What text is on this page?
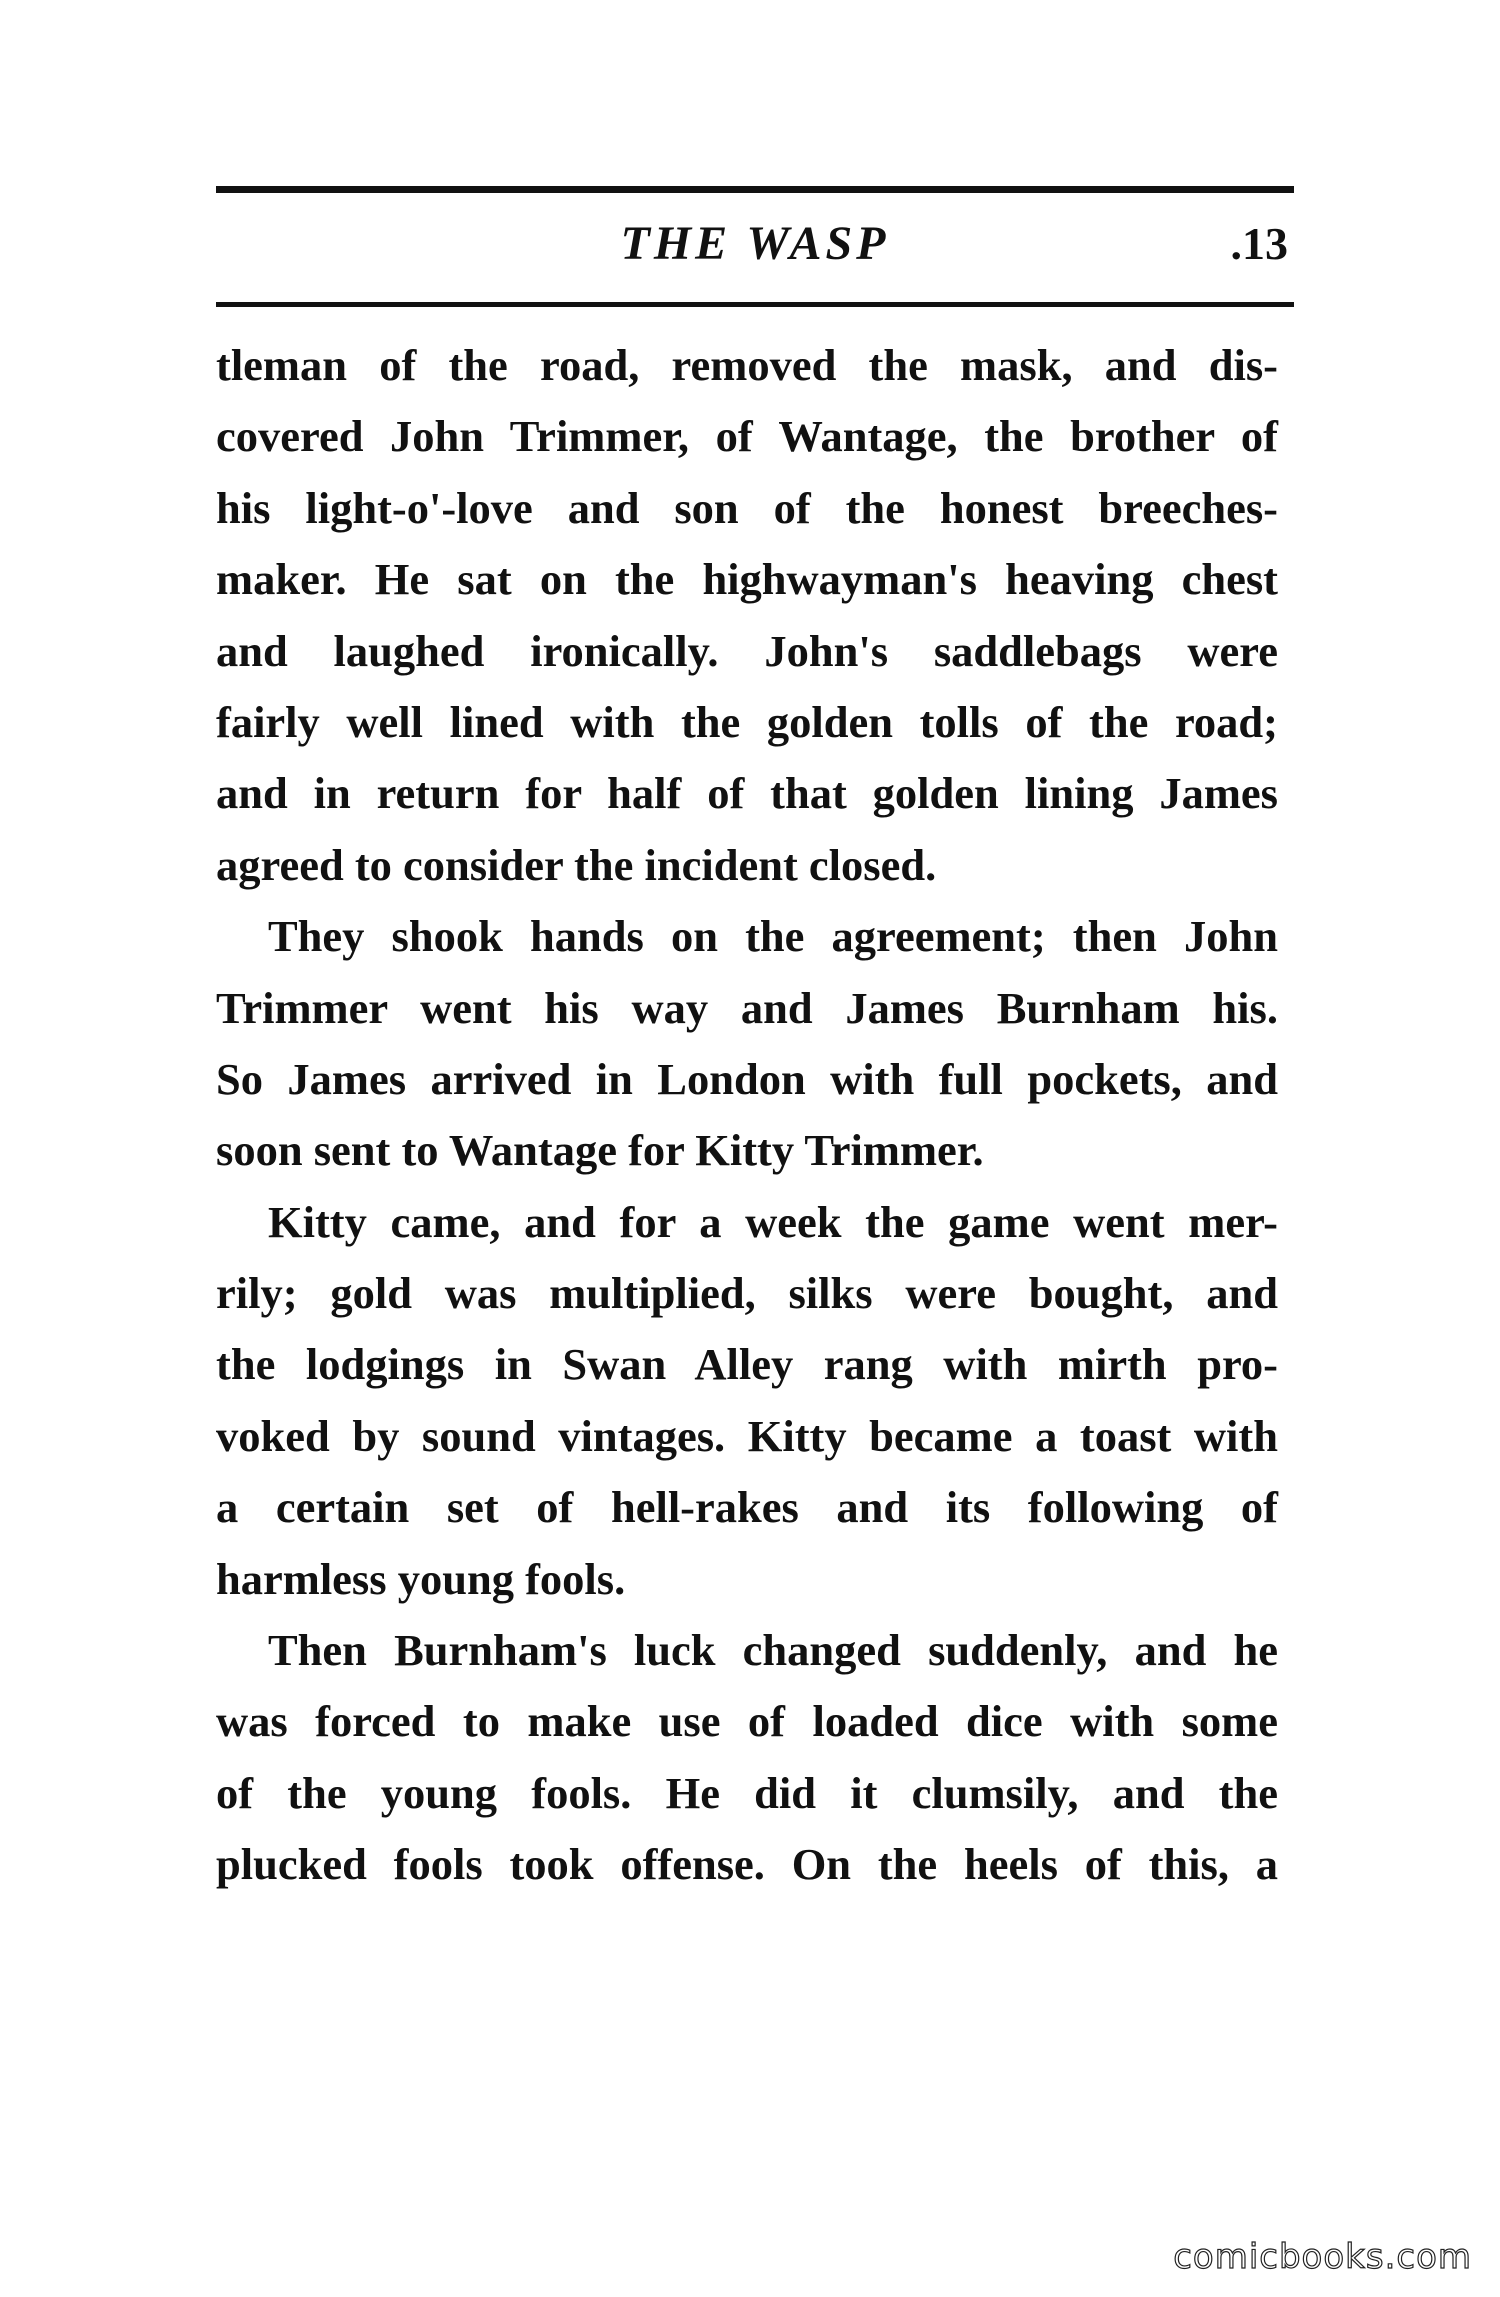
THE WASP	.13
tleman of the road, removed the mask, and dis-
covered John Trimmer, of Wantage, the brother of
his light-o'-love and son of the honest breeches-
maker. He sat on the highwayman's heaving chest
and laughed ironically. John's saddlebags were
fairly well lined with the golden tolls of the road;
and in return for half of that golden lining James
agreed to consider the incident closed.
They shook hands on the agreement; then John
Trimmer went his way and James Burnham his.
So James arrived in London with full pockets, and
soon sent to Wantage for Kitty Trimmer.
Kitty came, and for a week the game went mer-
rily; gold was multiplied, silks were bought, and
the lodgings in Swan Alley rang with mirth pro-
voked by sound vintages. Kitty became a toast with
a certain set of hell-rakes and its following of
harmless young fools.
Then Burnham's luck changed suddenly, and he
was forced to make use of loaded dice with some
of the young fools. He did it clumsily, and the
plucked fools took offense. On the heels of this, a
comicbooks.com
